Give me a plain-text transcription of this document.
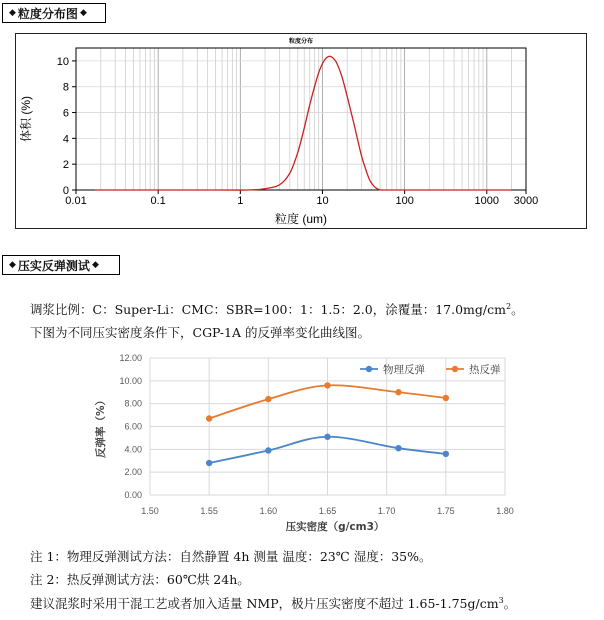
◆ 粒度分布图 ◆
0.01	0.1	1	10	100	1000 3000
0
2
4
6
8
10
粒度分布
粒度 (um)
体积 (%)
◆ 压实反弹测试 ◆
调浆比例：C：Super-Li：CMC：SBR=100：1：1.5：2.0，涂覆量：$17.0mg/cm^2$。
下图为不同压实密度条件下，CGP-1A 的反弹率变化曲线图。
1.50	1.55	1.60	1.65	1.70	1.75	1.80
0.00
2.00
4.00
6.00
8.00
10.00
12.00
压实密度（g/cm3）
反弹率（%）
物理反弹	热反弹
注 1：物理反弹测试方法：自然静置 4h 测量 温度：23℃ 湿度：35%。
注 2：热反弹测试方法：60℃烘 24h。
建议混浆时采用干混工艺或者加入适量 NMP，极片压实密度不超过 $1.65-1.75g/cm^3$。
